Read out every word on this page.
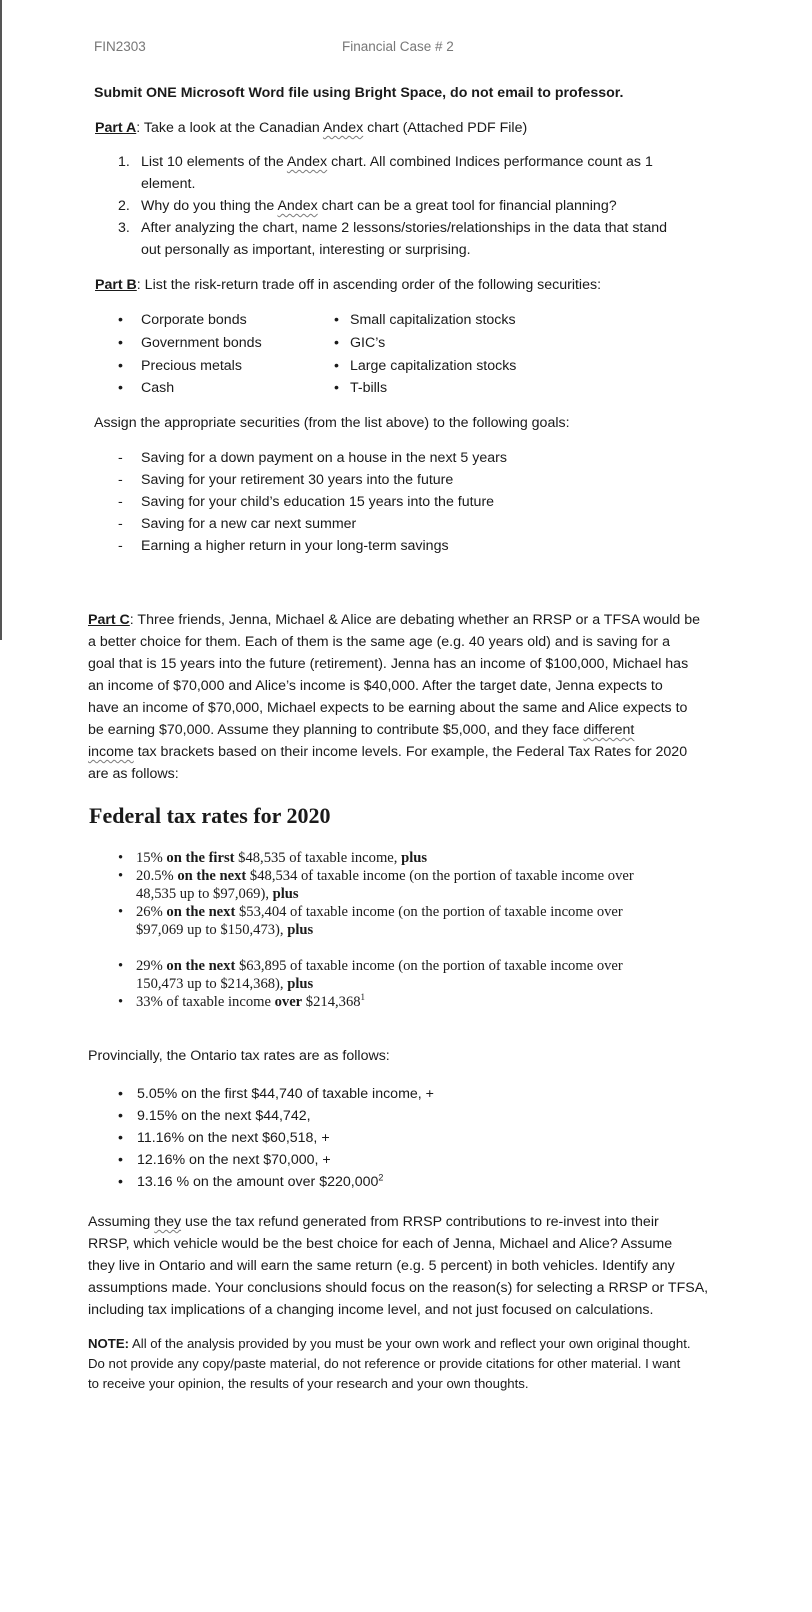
FIN2303	Financial Case # 2
Submit ONE Microsoft Word file using Bright Space, do not email to professor.
Part A: Take a look at the Canadian Andex chart (Attached PDF File)
1. List 10 elements of the Andex chart. All combined Indices performance count as 1
element.
2. Why do you thing the Andex chart can be a great tool for financial planning?
3. After analyzing the chart, name 2 lessons/stories/relationships in the data that stand
out personally as important, interesting or surprising.
Part B: List the risk-return trade off in ascending order of the following securities:
• Corporate bonds
• Government bonds
• Precious metals
• Cash
• Small capitalization stocks
• GIC’s
• Large capitalization stocks
• T-bills
Assign the appropriate securities (from the list above) to the following goals:
- Saving for a down payment on a house in the next 5 years
- Saving for your retirement 30 years into the future
- Saving for your child’s education 15 years into the future
- Saving for a new car next summer
- Earning a higher return in your long-term savings
Part C: Three friends, Jenna, Michael & Alice are debating whether an RRSP or a TFSA would be
a better choice for them. Each of them is the same age (e.g. 40 years old) and is saving for a
goal that is 15 years into the future (retirement). Jenna has an income of $100,000, Michael has
an income of $70,000 and Alice’s income is $40,000. After the target date, Jenna expects to
have an income of $70,000, Michael expects to be earning about the same and Alice expects to
be earning $70,000. Assume they planning to contribute $5,000, and they face different
income tax brackets based on their income levels. For example, the Federal Tax Rates for 2020
are as follows:
Federal tax rates for 2020
• 15% on the first $48,535 of taxable income, plus
• 20.5% on the next $48,534 of taxable income (on the portion of taxable income over
48,535 up to $97,069), plus
• 26% on the next $53,404 of taxable income (on the portion of taxable income over
$97,069 up to $150,473), plus
• 29% on the next $63,895 of taxable income (on the portion of taxable income over
150,473 up to $214,368), plus
• 33% of taxable income over $214,368$^1$
Provincially, the Ontario tax rates are as follows:
• 5.05% on the first $44,740 of taxable income, +
• 9.15% on the next $44,742,
• 11.16% on the next $60,518, +
• 12.16% on the next $70,000, +
• 13.16 % on the amount over $220,000$^2$
Assuming they use the tax refund generated from RRSP contributions to re-invest into their
RRSP, which vehicle would be the best choice for each of Jenna, Michael and Alice? Assume
they live in Ontario and will earn the same return (e.g. 5 percent) in both vehicles. Identify any
assumptions made. Your conclusions should focus on the reason(s) for selecting a RRSP or TFSA,
including tax implications of a changing income level, and not just focused on calculations.
NOTE: All of the analysis provided by you must be your own work and reflect your own original thought.
Do not provide any copy/paste material, do not reference or provide citations for other material. I want
to receive your opinion, the results of your research and your own thoughts.
